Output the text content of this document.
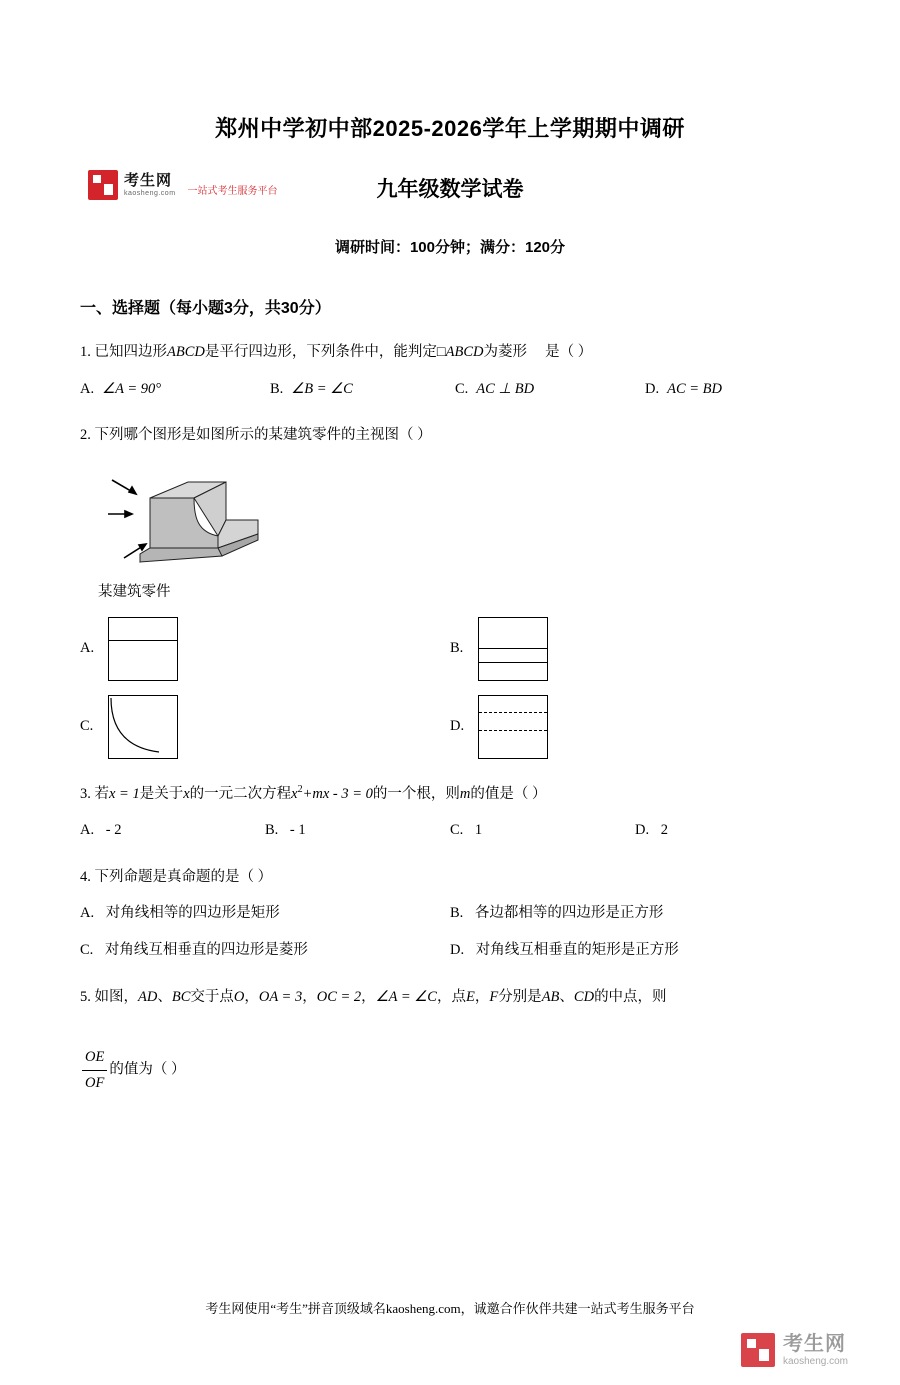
考生网
kaosheng.com 一站式考生服务平台
郑州中学初中部2025-2026学年上学期期中调研
九年级数学试卷
调研时间：100分钟；满分：120分
一、选择题（每小题3分，共30分）
1. 已知四边形ABCD是平行四边形，下列条件中，能判定□ABCD为菱形 是（ ）
A. ∠A = 90°	B. ∠B = ∠C	C. AC ⊥ BD	D. AC = BD
2. 下列哪个图形是如图所示的某建筑零件的主视图（ ）
某建筑零件
A.	B.
C.	D.
3. 若x = 1是关于x的一元二次方程$x^2+mx - 3 = 0$的一个根，则m的值是（ ）
A. - 2	B. - 1	C. 1	D. 2
4. 下列命题是真命题的是（ ）
A. 对角线相等的四边形是矩形	B. 各边都相等的四边形是正方形
C. 对角线互相垂直的四边形是菱形	D. 对角线互相垂直的矩形是正方形
5. 如图，AD、BC交于点O，OA = 3，OC = 2，∠A = ∠C，点E，F分别是AB、CD的中点，则
$\frac{OE}{OF}$ 的值为（ ）
考生网使用“考生”拼音顶级域名kaosheng.com，诚邀合作伙伴共建一站式考生服务平台
考生网
kaosheng.com
